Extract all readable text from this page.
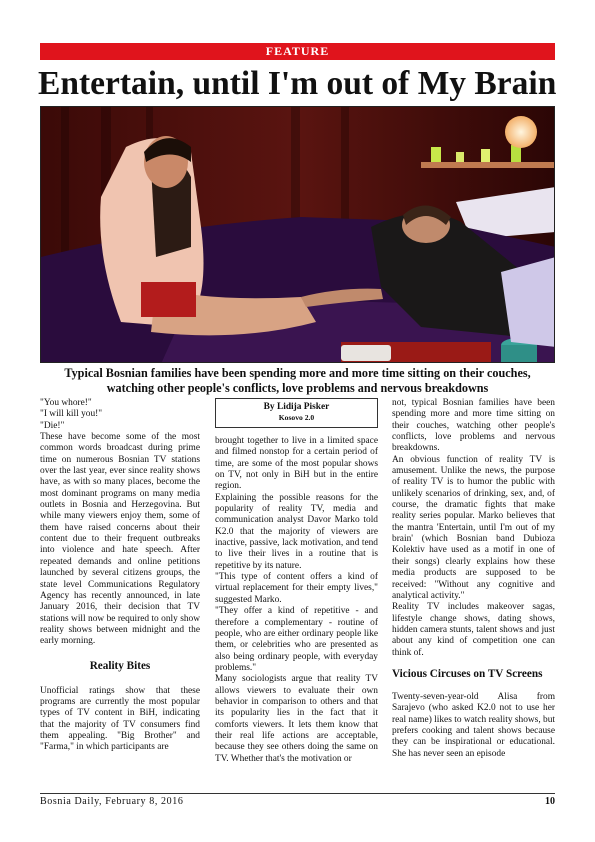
FEATURE
Entertain, until I'm out of My Brain
Typical Bosnian families have been spending more and more time sitting on their couches, watching other people's conflicts, love problems and nervous breakdowns

"You whore!"

"I will kill you!"

"Die!"

These have become some of the most common words broadcast during prime time on numerous Bosnian TV stations over the last year, ever since reality shows have, as with so many places, become the most dominant programs on many media outlets in Bosnia and Herzegovina. But while many viewers enjoy them, some of them have raised concerns about their content due to their frequent outbreaks into violence and hate speech. After repeated demands and online petitions launched by several citizens groups, the state level Communications Regulatory Agency has recently announced, in late January 2016, their decision that TV stations will now be required to only show reality shows between midnight and the early morning.

Reality Bites

Unofficial ratings show that these programs are currently the most popular types of TV content in BiH, indicating that the majority of TV consumers find them appealing. "Big Brother" and "Farma," in which participants are

By Lidija Pisker
Kosovo 2.0

brought together to live in a limited space and filmed nonstop for a certain period of time, are some of the most popular shows on TV, not only in BiH but in the entire region.

Explaining the possible reasons for the popularity of reality TV, media and communication analyst Davor Marko told K2.0 that the majority of viewers are inactive, passive, lack motivation, and tend to live their lives in a routine that is repetitive by its nature.

"This type of content offers a kind of virtual replacement for their empty lives," suggested Marko.

"They offer a kind of repetitive - and therefore a complementary - routine of people, who are either ordinary people like them, or celebrities who are presented as also being ordinary people, with everyday problems."

Many sociologists argue that reality TV allows viewers to evaluate their own behavior in comparison to others and that its popularity lies in the fact that it comforts viewers. It lets them know that their real life actions are acceptable, because they see others doing the same on TV. Whether that's the motivation or

not, typical Bosnian families have been spending more and more time sitting on their couches, watching other people's conflicts, love problems and nervous breakdowns.

An obvious function of reality TV is amusement. Unlike the news, the purpose of reality TV is to humor the public with unlikely scenarios of drinking, sex, and, of course, the dramatic fights that make reality series popular. Marko believes that the mantra 'Entertain, until I'm out of my brain' (which Bosnian band Dubioza Kolektiv have used as a motif in one of their songs) clearly explains how these media products are supposed to be received: "Without any cognitive and analytical activity."

Reality TV includes makeover sagas, lifestyle change shows, dating shows, hidden camera stunts, talent shows and just about any kind of competition one can think of.

Vicious Circuses on TV Screens

Twenty-seven-year-old Alisa from Sarajevo (who asked K2.0 not to use her real name) likes to watch reality shows, but prefers cooking and talent shows because they can be inspirational or educational. She has never seen an episode

Bosnia Daily, February 8, 2016	10
